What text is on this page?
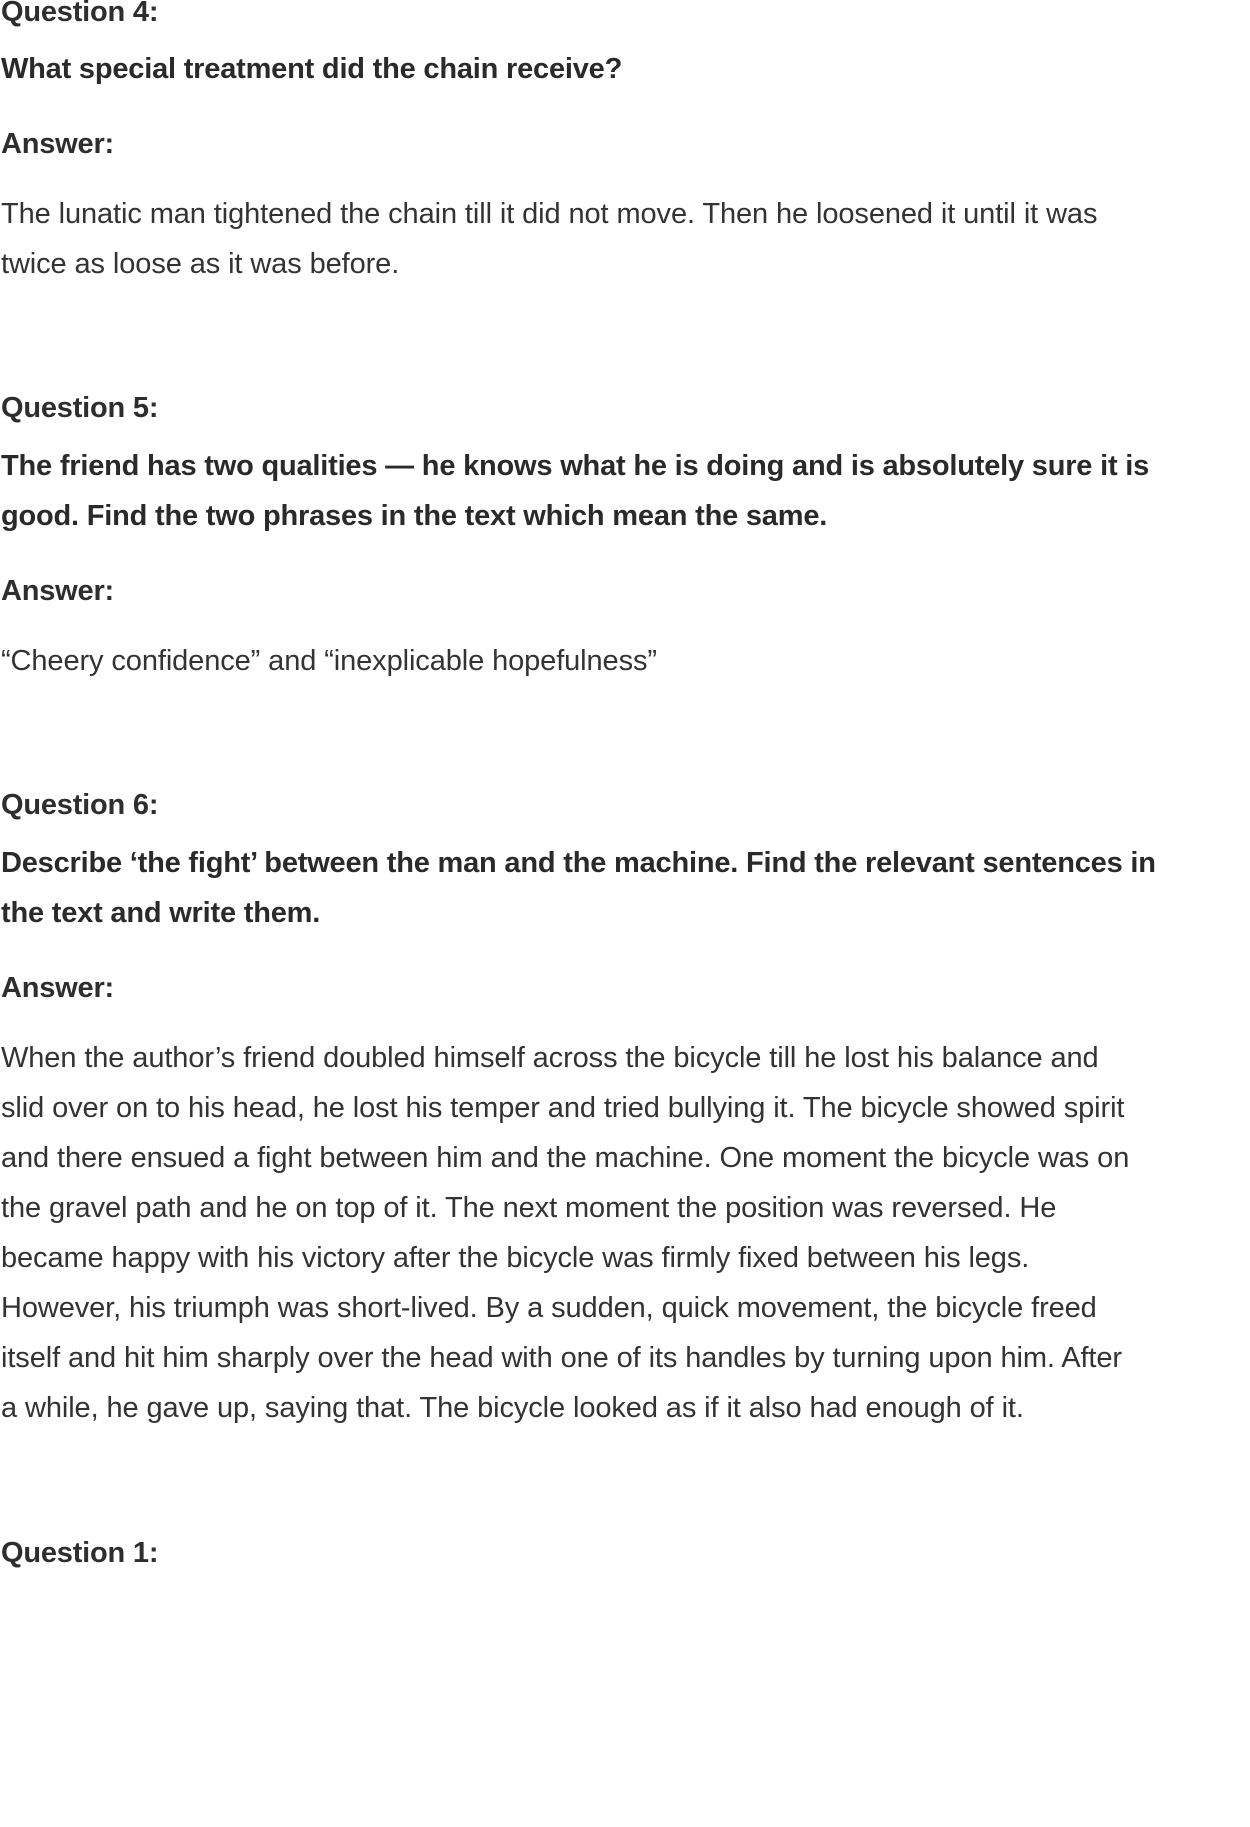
Question 4:
What special treatment did the chain receive?
Answer:
The lunatic man tightened the chain till it did not move. Then he loosened it until it was
twice as loose as it was before.
Question 5:
The friend has two qualities — he knows what he is doing and is absolutely sure it is
good. Find the two phrases in the text which mean the same.
Answer:
“Cheery confidence” and “inexplicable hopefulness”
Question 6:
Describe ‘the fight’ between the man and the machine. Find the relevant sentences in
the text and write them.
Answer:
When the author’s friend doubled himself across the bicycle till he lost his balance and
slid over on to his head, he lost his temper and tried bullying it. The bicycle showed spirit
and there ensued a fight between him and the machine. One moment the bicycle was on
the gravel path and he on top of it. The next moment the position was reversed. He
became happy with his victory after the bicycle was firmly fixed between his legs.
However, his triumph was short-lived. By a sudden, quick movement, the bicycle freed
itself and hit him sharply over the head with one of its handles by turning upon him. After
a while, he gave up, saying that. The bicycle looked as if it also had enough of it.
Question 1:
